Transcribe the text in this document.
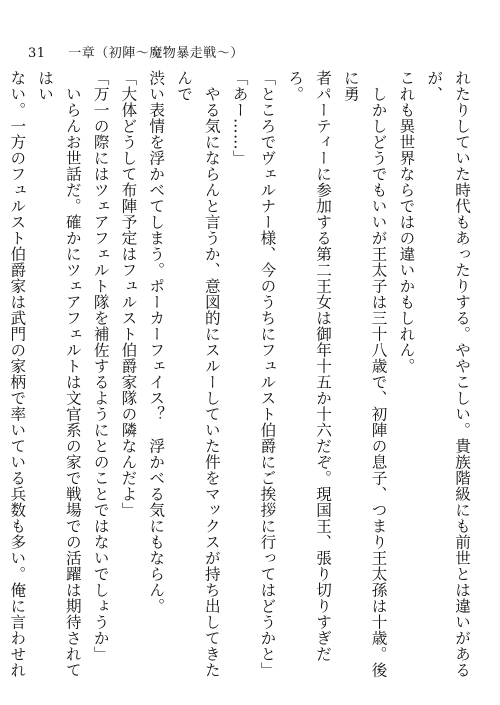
31 一章（初陣〜魔物暴走戦〜）
れたりしていた時代もあったりする。ややこしい。貴族階級にも前世とは違いがあるが、
これも異世界ならではの違いかもしれん。
　しかしどうでもいいが王太子は三十八歳で、初陣の息子、つまり王太孫は十歳。後に勇
者パーティーに参加する第二王女は御年十五か十六だぞ。現国王、張り切りすぎだろ。
「ところでヴェルナー様、今のうちにフュルスト伯爵にご挨拶に行ってはどうかと」
「あー……」
　やる気にならんと言うか、意図的にスルーしていた件をマックスが持ち出してきたんで
渋い表情を浮かべてしまう。ポーカーフェイス？　浮かべる気にもならん。
「大体どうして布陣予定はフュルスト伯爵家隊の隣なんだよ」
「万一の際にはツェアフェルト隊を補佐するようにとのことではないでしょうか」
　いらんお世話だ。確かにツェアフェルトは文官系の家で戦場での活躍は期待されてはい
ない。一方のフュルスト伯爵家は武門の家柄で率いている兵数も多い。俺に言わせれ
